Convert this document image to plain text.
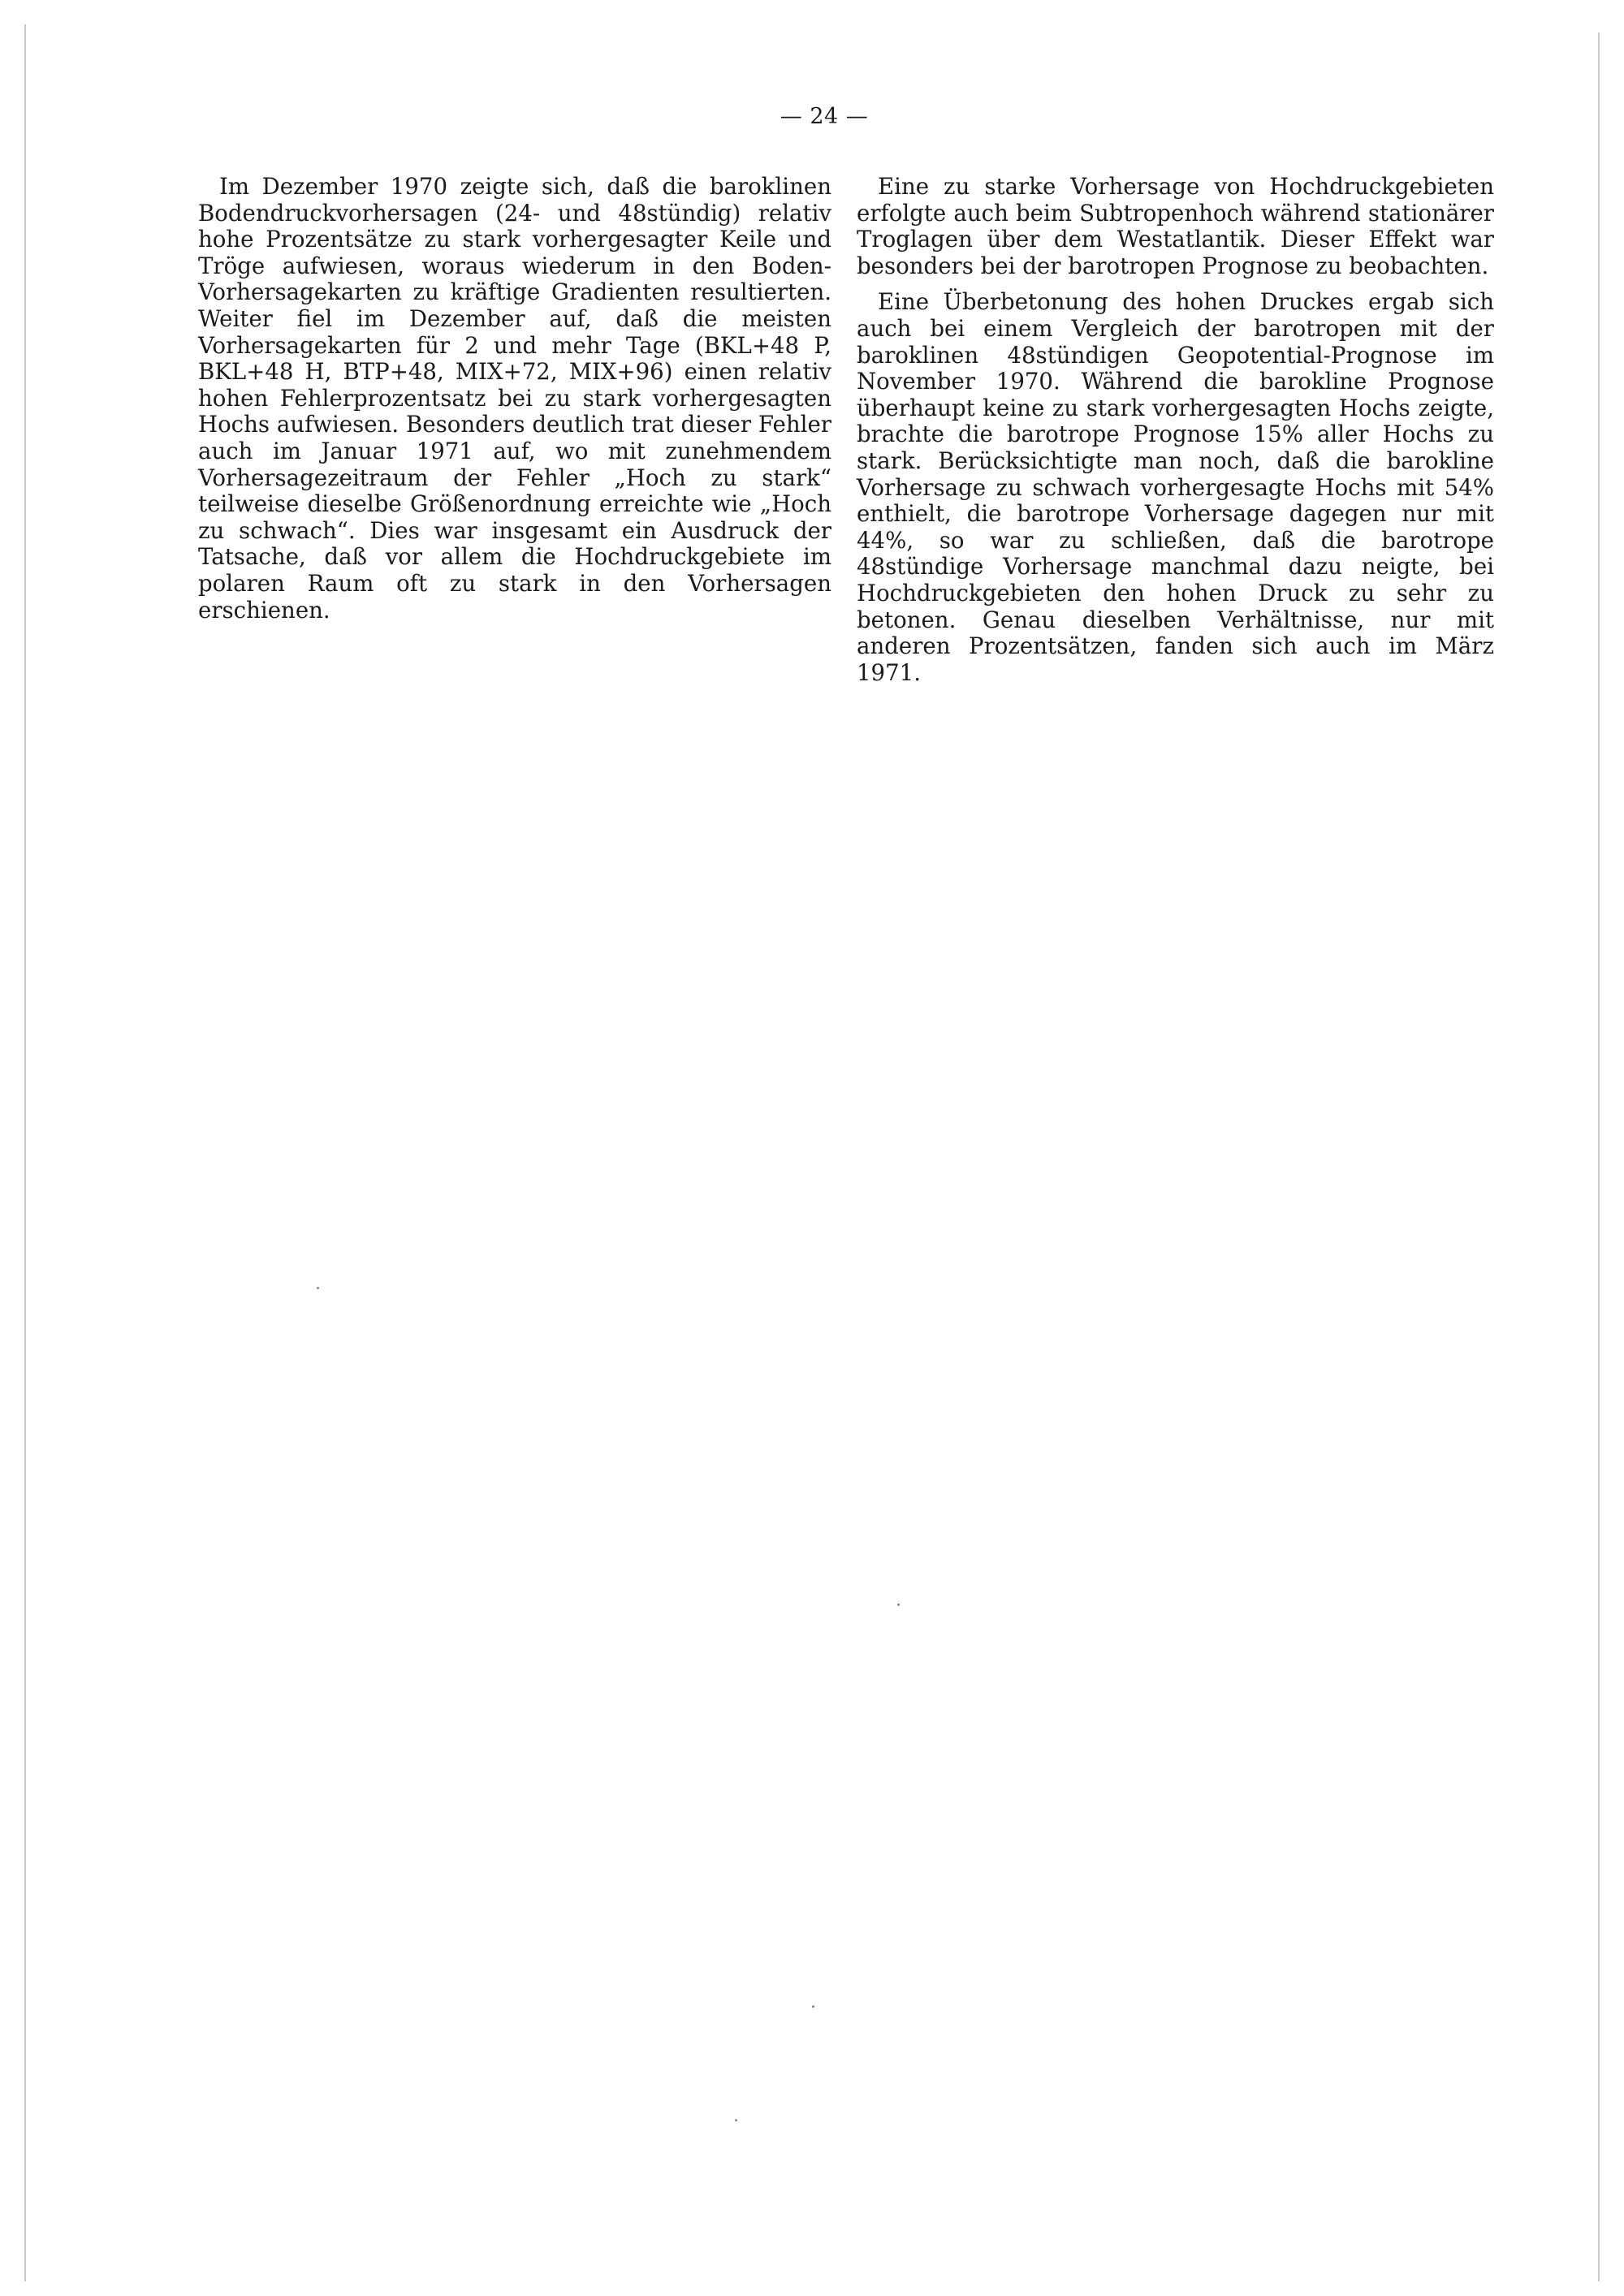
— 24 —

Im Dezember 1970 zeigte sich, daß die baroklinen Bodendruckvorhersagen (24- und 48stündig) relativ hohe Prozentsätze zu stark vorhergesagter Keile und Tröge aufwiesen, woraus wiederum in den Boden-Vorhersagekarten zu kräftige Gradienten resultierten. Weiter fiel im Dezember auf, daß die meisten Vorhersagekarten für 2 und mehr Tage (BKL+48 P, BKL+48 H, BTP+48, MIX+72, MIX+96) einen relativ hohen Fehlerprozentsatz bei zu stark vorhergesagten Hochs aufwiesen. Besonders deutlich trat dieser Fehler auch im Januar 1971 auf, wo mit zunehmendem Vorhersagezeitraum der Fehler „Hoch zu stark“ teilweise dieselbe Größenordnung erreichte wie „Hoch zu schwach“. Dies war insgesamt ein Ausdruck der Tatsache, daß vor allem die Hochdruckgebiete im polaren Raum oft zu stark in den Vorhersagen erschienen.

Eine zu starke Vorhersage von Hochdruckgebieten erfolgte auch beim Subtropenhoch während stationärer Troglagen über dem Westatlantik. Dieser Effekt war besonders bei der barotropen Prognose zu beobachten.

Eine Überbetonung des hohen Druckes ergab sich auch bei einem Vergleich der barotropen mit der baroklinen 48stündigen Geopotential-Prognose im November 1970. Während die barokline Prognose überhaupt keine zu stark vorhergesagten Hochs zeigte, brachte die barotrope Prognose 15% aller Hochs zu stark. Berücksichtigte man noch, daß die barokline Vorhersage zu schwach vorhergesagte Hochs mit 54% enthielt, die barotrope Vorhersage dagegen nur mit 44%, so war zu schließen, daß die barotrope 48stündige Vorhersage manchmal dazu neigte, bei Hochdruckgebieten den hohen Druck zu sehr zu betonen. Genau dieselben Verhältnisse, nur mit anderen Prozentsätzen, fanden sich auch im März 1971.
